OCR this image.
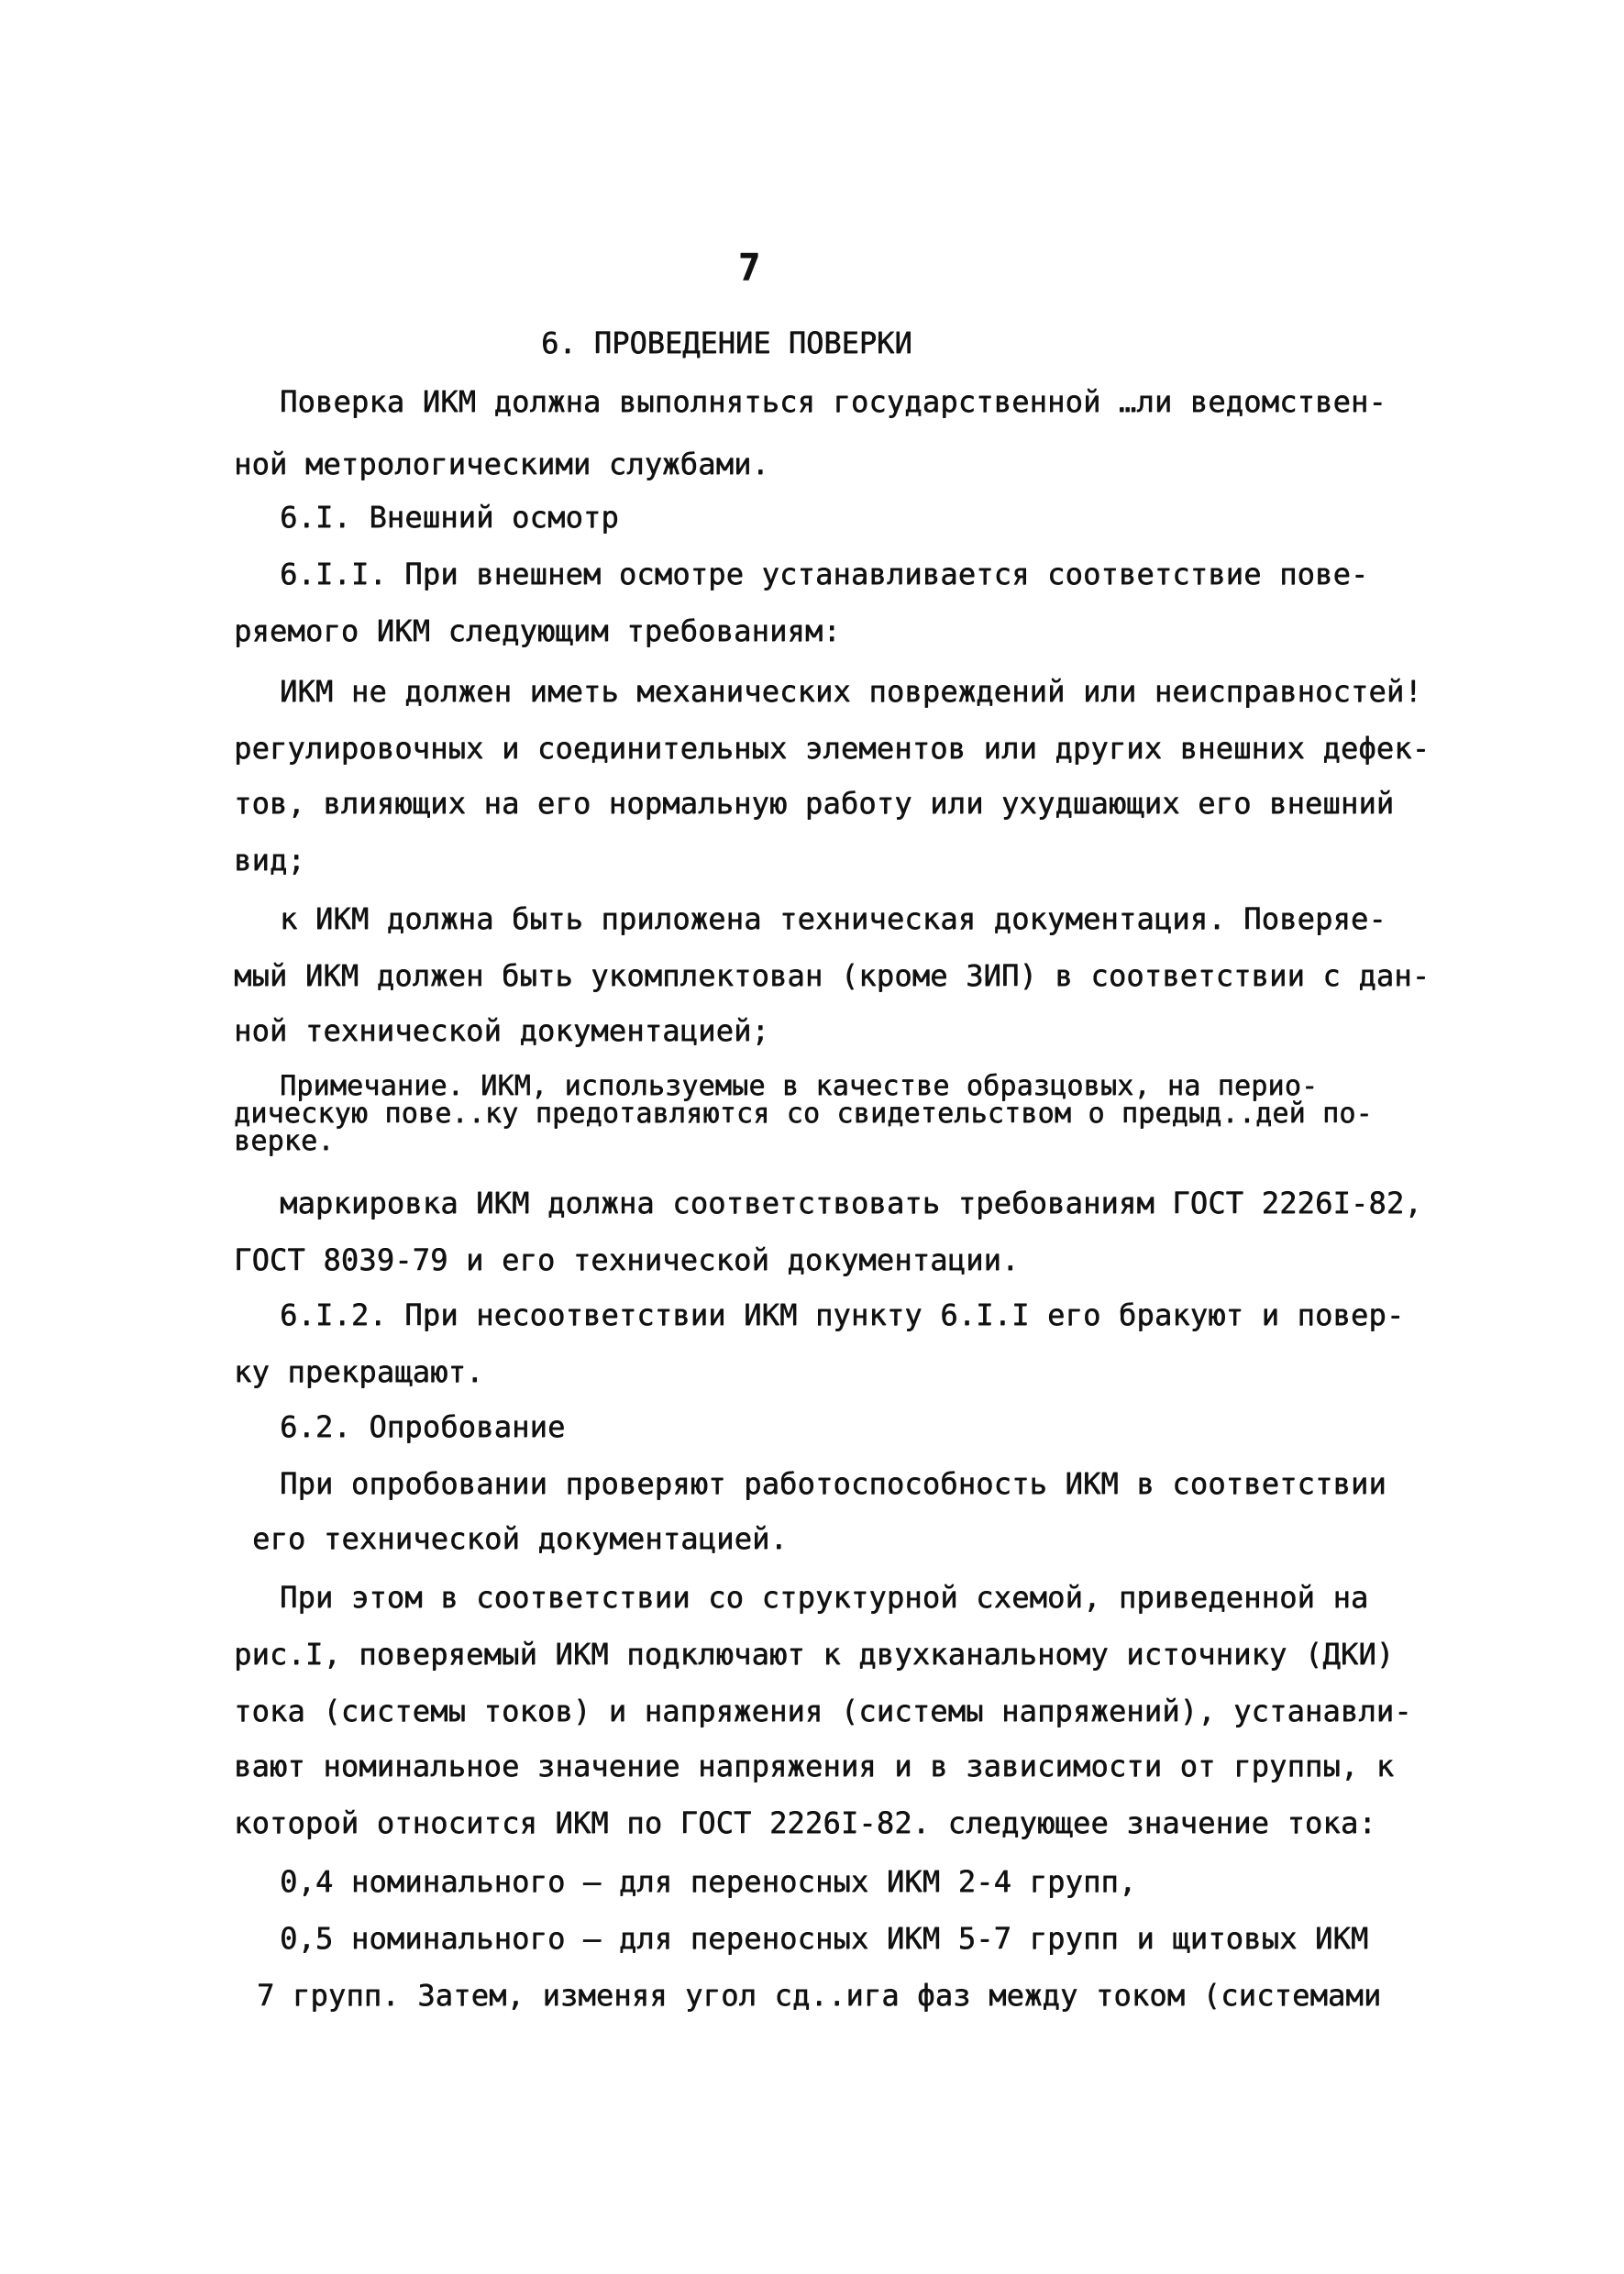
7
6. ПРОВЕДЕНИЕ ПОВЕРКИ
Поверка ИКМ должна выполняться государственной …ли ведомствен-
ной метрологическими службами.
6.I. Внешний осмотр
6.I.I. При внешнем осмотре устанавливается соответствие пове-
ряемого ИКМ следующим требованиям:
ИКМ не должен иметь механических повреждений или неисправностей!
регулировочных и соединительных элементов или других внешних дефек-
тов, влияющих на его нормальную работу или ухудшающих его внешний
вид;
к ИКМ должна быть приложена техническая документация. Поверяе-
мый ИКМ должен быть укомплектован (кроме ЗИП) в соответствии с дан-
ной технической документацией;
Примечание. ИКМ, используемые в качестве образцовых, на перио-
дическую пове..ку предотавляются со свидетельством о предыд..дей по-
верке.
маркировка ИКМ должна соответствовать требованиям ГОСТ 2226I-82,
ГОСТ 8039-79 и его технической документации.
6.I.2. При несоответствии ИКМ пункту 6.I.I его бракуют и повер-
ку прекращают.
6.2. Опробование
При опробовании проверяют работоспособность ИКМ в соответствии
его технической документацией.
При этом в соответствии со структурной схемой, приведенной на
рис.I, поверяемый ИКМ подключают к двухканальному источнику (ДКИ)
тока (системы токов) и напряжения (системы напряжений), устанавли-
вают номинальное значение напряжения и в зависимости от группы, к
которой относится ИКМ по ГОСТ 2226I-82. следующее значение тока:
0,4 номинального – для переносных ИКМ 2-4 групп,
0,5 номинального – для переносных ИКМ 5-7 групп и щитовых ИКМ
7 групп. Затем, изменяя угол сд..ига фаз между током (системами
